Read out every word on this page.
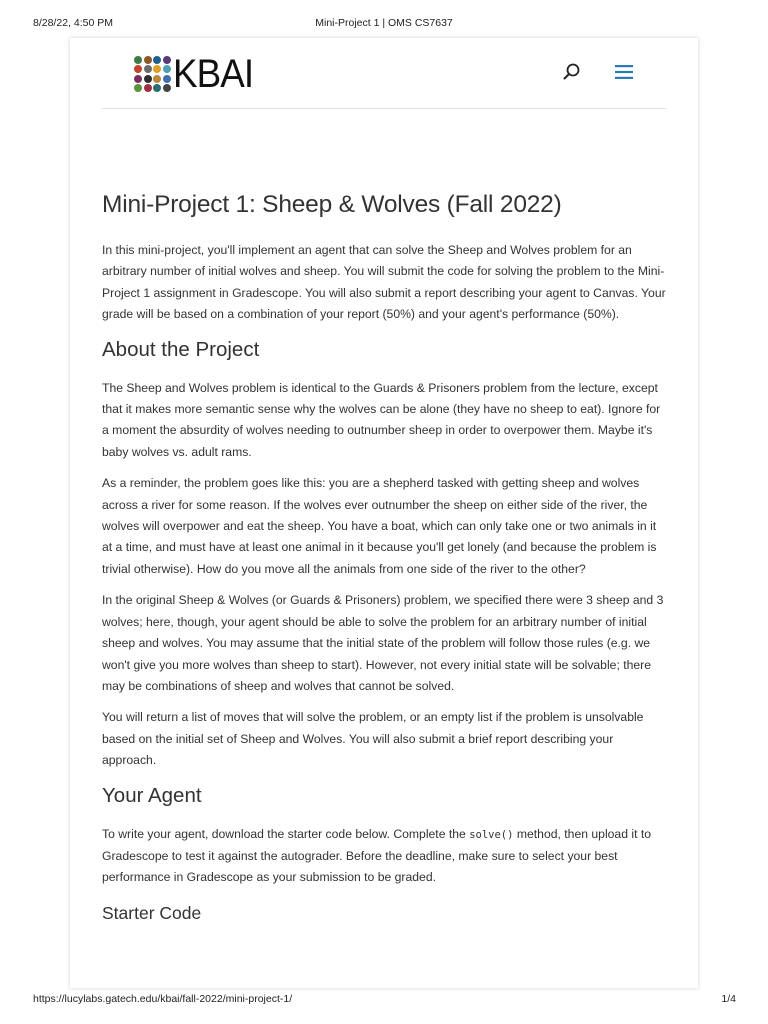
8/28/22, 4:50 PM	Mini-Project 1 | OMS CS7637
KBAI
Mini-Project 1: Sheep & Wolves (Fall 2022)

In this mini-project, you'll implement an agent that can solve the Sheep and Wolves problem for an arbitrary number of initial wolves and sheep. You will submit the code for solving the problem to the Mini-Project 1 assignment in Gradescope. You will also submit a report describing your agent to Canvas. Your grade will be based on a combination of your report (50%) and your agent's performance (50%).

About the Project

The Sheep and Wolves problem is identical to the Guards & Prisoners problem from the lecture, except that it makes more semantic sense why the wolves can be alone (they have no sheep to eat). Ignore for a moment the absurdity of wolves needing to outnumber sheep in order to overpower them. Maybe it's baby wolves vs. adult rams.

As a reminder, the problem goes like this: you are a shepherd tasked with getting sheep and wolves across a river for some reason. If the wolves ever outnumber the sheep on either side of the river, the wolves will overpower and eat the sheep. You have a boat, which can only take one or two animals in it at a time, and must have at least one animal in it because you'll get lonely (and because the problem is trivial otherwise). How do you move all the animals from one side of the river to the other?

In the original Sheep & Wolves (or Guards & Prisoners) problem, we specified there were 3 sheep and 3 wolves; here, though, your agent should be able to solve the problem for an arbitrary number of initial sheep and wolves. You may assume that the initial state of the problem will follow those rules (e.g. we won't give you more wolves than sheep to start). However, not every initial state will be solvable; there may be combinations of sheep and wolves that cannot be solved.

You will return a list of moves that will solve the problem, or an empty list if the problem is unsolvable based on the initial set of Sheep and Wolves. You will also submit a brief report describing your approach.

Your Agent

To write your agent, download the starter code below. Complete the solve() method, then upload it to Gradescope to test it against the autograder. Before the deadline, make sure to select your best performance in Gradescope as your submission to be graded.

Starter Code
https://lucylabs.gatech.edu/kbai/fall-2022/mini-project-1/	1/4
